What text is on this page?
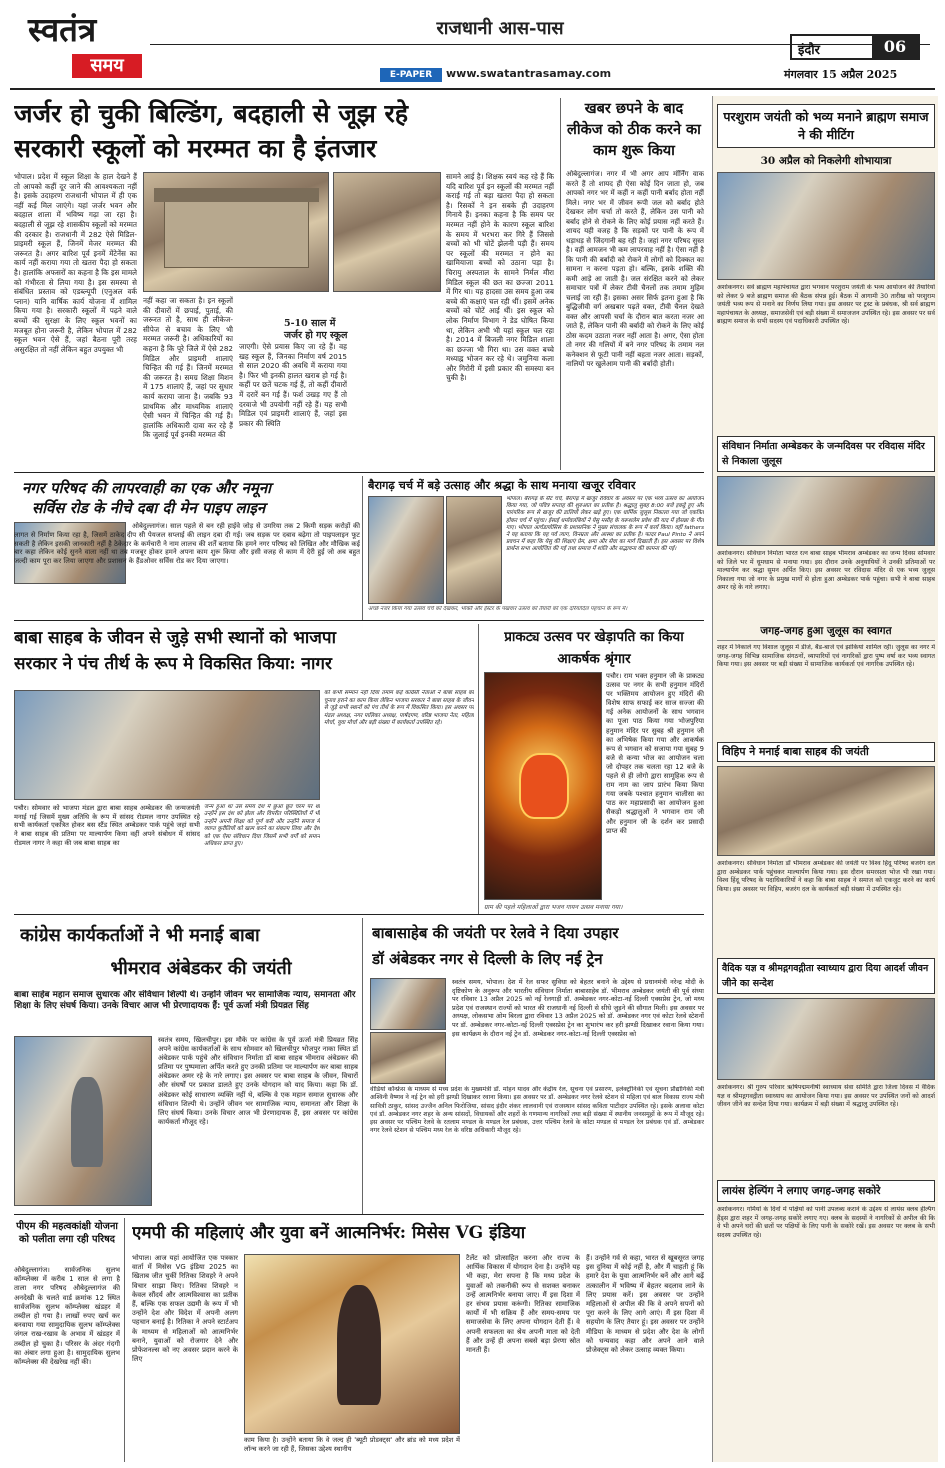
स्वतंत्र
समय
राजधानी आस-पास
E-PAPER	www.swatantrasamay.com
इंदौर	06
मंगलवार 15 अप्रैल 2025
जर्जर हो चुकी बिल्डिंग, बदहाली से जूझ रहे
सरकारी स्कूलों को मरम्मत का है इंतजार
भोपाल। प्रदेश में स्कूल शिक्षा के हाल देखने हैं तो आपको कहीं दूर जाने की आवश्यकता नहीं है। इसके उदाहरण राजधानी भोपाल में ही एक नहीं कई मिल जाएंगे। यहां जर्जर भवन और बदहाल शाला में भविष्य गढ़ा जा रहा है। बदहाली से जूझ रहे शासकीय स्कूलों को मरम्मत की दरकार है। राजधानी में 282 ऐसे मिडिल-प्राइमरी स्कूल हैं, जिनमें मेजर मरम्मत की जरूरत है। अगर बारिश पूर्व इनमें मेंटेनेंस का कार्य नहीं कराया गया तो खतरा पैदा हो सकता है। हालांकि अफसरों का कहना है कि इस मामले को गंभीरता से लिया गया है। इस समस्या से संबंधित प्रस्ताव को एडब्ल्यूपी (एनुअल वर्क प्लान) यानि वार्षिक कार्य योजना में शामिल किया गया है। सरकारी स्कूलों में पढ़ने वाले बच्चों की सुरक्षा के लिए स्कूल भवनों का मजबूत होना जरूरी है, लेकिन भोपाल में 282 स्कूल भवन ऐसे हैं, जहां बैठना पूरी तरह असुरक्षित तो नहीं लेकिन बहुत उपयुक्त भी
नहीं कहा जा सकता है। इन स्कूलों की दीवारों में छपाई, पुताई, की जरूरत तो है, साथ ही लीकेज-सीपेज से बचाव के लिए भी मरम्मत जरूरी है। अधिकारियों का कहना है कि पूरे जिले में ऐसे 282 मिडिल और प्राइमरी शालाएं चिन्हित की गई हैं। जिनमें मरम्मत की जरूरत है। समग्र शिक्षा मिशन में 175 शालाएं हैं, जहां पर सुधार कार्य कराया जाना है। जबकि 93 प्राथमिक और माध्यमिक शालाएं ऐसी भवन में चिन्हित की गई हैं। हालांकि अधिकारी दावा कर रहे हैं कि जुलाई पूर्व इनकी मरम्मत की
5-10 साल में जर्जर हो गए स्कूल
जाएगी। ऐसे प्रयास किए जा रहे हैं। वह खह स्कूल हैं, जिनका निर्माण वर्ष 2015 से साल 2020 की अवधि में कराया गया है। फिर भी इनकी हालत खराब हो गई है। कहीं पर छतें चटक गई हैं, तो कहीं दीवारों में दरारें बन गई हैं। फर्श उखड़ गए हैं तो दरवाजे भी उपयोगी नहीं रहे हैं। यह सभी मिडिल एवं प्राइमरी शालाएं हैं, जहां इस प्रकार की स्थिति
सामने आई है। शिक्षक स्वयं कह रहे हैं कि यदि बारिश पूर्व इन स्कूलों की मरम्मत नहीं कराई गई तो बड़ा खतरा पैदा हो सकता है। रिसकों ने इन सबके ही उदाहरण गिनाये हैं। इनका कहना है कि समय पर मरम्मत नहीं होने के कारण स्कूल बारिश के समय में भरभरा कर गिरे हैं जिससे बच्चों को भी चोटें झेलनी पड़ी हैं। समय पर स्कूलों की मरम्मत न होने का खामियाजा बच्चों को उठाना पड़ा है। चिरायु अस्पताल के सामने निर्मल मीरा मिडिल स्कूल की छत का छज्जा 2011 में गिर था। यह हादसा उस समय हुआ जब बच्चे की कक्षाएं चल रही थीं। इसमें अनेक बच्चों को चोटें आई थीं। इस स्कूल को लोक निर्माण विभाग ने डेड घोषित किया था, लेकिन अभी भी यहां स्कूल चल रहा है। 2014 में बिजली नगर मिडिल शाला का छज्जा भी गिरा था। उस वक्त बच्चे मध्याह्न भोजन कर रहे थे। जमुनिया कला और गिरोरी में इसी प्रकार की समस्या बन चुकी है।
खबर छपने के बाद लीकेज को ठीक करने का काम शुरू किया
ओबेदुल्लागंज। नगर में भी अगर आप मॉर्निंग वाक करते हैं तो शायद ही ऐसा कोई दिन जाता हो, जब आपको नगर भर में कहीं न कहीं पानी बर्बाद होता नहीं मिले। नगर भर में जीवन रूपी जल को बर्बाद होते देखकर लोग चर्चा तो करते हैं, लेकिन उस पानी को बर्बाद होने से रोकने के लिए कोई प्रयास नहीं करते हैं। शायद यही वजह है कि सड़कों पर पानी के रूप में धड़ाधड़ से जिंदगानी बह रही है। जहां नगर परिषद सुस्त है। वहीं आमजन भी कम लापरवाह नहीं है। ऐसा नहीं है कि पानी की बर्बादी को रोकने में लोगों को दिक्कत का सामना न करना पड़ता हो। बल्कि, इसके शक्ति की कमी आड़े आ जाती है। जल संरक्षित करने को लेकर समाचार पत्रों में लेकर टीवी चैनलों तक तमाम मुहिम चलाई जा रही हैं। इसका असर सिर्फ इतना हुआ है कि बुद्धिजीवी वर्ग अखबार पढ़ते वक्त, टीवी चैनल देखते वक्त और आपसी चर्चा के दौरान बात करता नजर आ जाते हैं, लेकिन पानी की बर्बादी को रोकने के लिए कोई ठोस कदम उठाता नजर नहीं आता है। अगर, ऐसा होता तो नगर की गलियों में बने नगर परिषद के तमाम नल कनेक्शन से फूटी पानी नहीं बहता नजर आता। सड़कों, नालियों पर खुलेआम पानी की बर्बादी होती।
नगर परिषद की लापरवाही का एक और नमूना
सर्विस रोड के नीचे दबा दी मेन पाइप लाइन
ओबेदुल्लागंज। साल पहले से बन रही हाईवे जोड़ से उमरिया तक 2 किमी सड़क करोड़ों की लागत से निर्माण किया रहा है, जिसमें ठाकेद दीप सी पेयजल सप्लाई की लाइन दबा दी गई। जब सड़क पर दबाव बढ़ेगा तो पाइपलाइन फूट सकती है लेकिन इसकी जानकारी नहीं है ठेकेदार के कर्मचारी ने नाम लालच की शर्तें बताया कि हमने नगर परिषद को लिखित और मौखिक कई बार कहा लेकिन कोई सुनने वाला नहीं था तब मजबूर होकर हमने अपना काम शुरू किया और इसी वजह से काम में देरी हुई जो अब बहुत जल्दी काम पूरा कर लिया जाएगा और प्रशासन के हैंडओवर सर्विस रोड कर दिया जाएगा।
बैरागढ़ चर्च में बड़े उत्साह और श्रद्धा के साथ मनाया खजूर रविवार
भोपाल। बैरागढ़ के सैंट चर्च, बैरागढ़ में खजूर रविवार के अवसर पर एक भव्य उत्सव का आयोजन किया गया, जो पवित्र सप्ताह की शुरुआत का प्रतीक है। श्रद्धालु सुबह 8:00 बजे इकट्ठे हुए और पारंपरिक रूप से खजूर की डालियों लेकर खड़े हुए। एक धार्मिक जुलूस निकाला गया जो एकत्रित होकर चर्च में पहुंचा। ईसाई धर्मावलंबियों ने येसु मसीह के यरूशलेम प्रवेश की याद में होसन्ना के गीत गाए। भोपाल आर्चडायोसिस के प्रशासनिक ने मुख्य संचालक के रूप में कार्य किया। वहीं fathers ने यह बताया कि यह पर्व त्याग, विनम्रता और आस्था का प्रतीक है। फादर Paul Pinto ने अपने प्रवचन में कहा कि येसु की शिक्षाएं प्रेम, क्षमा और सेवा का मार्ग दिखाती हैं। इस अवसर पर विशेष प्रार्थना सभा आयोजित की गई तथा समाज में शांति और सद्भावना की कामना की गई।
अच्छे नजर किया गया उत्सव चर्च को देखकर, भक्ति और ईस्टर के पखवार उत्सव को तैयारी को एक दरियादिल पहचान के रूप में।
बाबा साहब के जीवन से जुड़े सभी स्थानों को भाजपा
सरकार ने पंच तीर्थ के रूप मे विकसित किया: नागर
पचौर। सोमवार को भाजपा मंडल द्वारा बाबा साहब अम्बेडकर की जन्मजयंती मनाई गई जिसमें मुख्य अतिथि के रूप में सांसद रोडमल नागर उपस्थित रहे सभी कार्यकर्ता एकत्रित होकर बस स्टैंड स्थित अम्बेडकर पार्क पहुंचे जहां सभी ने बाबा साहब की प्रतिमा पर माल्यार्पण किया वहीं अपने संबोधन में सांसद रोडमल नागर ने कहा की जब बाबा साहब का
जन्म हुआ था उस समय देश में छुआ छूत चरम पर था उन्होंने इस दंश को झेला और विपरीत परिस्थितियों में भी उन्होंने अपनी शिक्षा को पूर्ण करी और उन्होंने समाज में व्याप्त कुरीतियों को खत्म करने का संकल्प लिया और देश को एक ऐसा संविधान दिया जिसमें सभी वर्गों को समान अधिकार प्राप्त हुए।
को कभी सम्मान नहीं दिया तमाम कई कांग्रेसी नेताओं ने बाबा साहब को चुनाव हराने का काम किया लेकिन भाजपा सरकार ने बाबा साहब के जीवन से जुड़े सभी स्थानों को पंच तीर्थ के रूप में विकसित किया। इस अवसर पर मंडल अध्यक्ष, नगर पालिका अध्यक्ष, पार्षदगण, वरिष्ठ भाजपा नेता, महिला मोर्चा, युवा मोर्चा और बड़ी संख्या में कार्यकर्ता उपस्थित रहे।
प्राकट्य उत्सव पर खेड़ापति का किया आकर्षक श्रृंगार
पचौर। राम भक्त हनुमान जी के प्राकट्य उत्सव पर नगर के सभी हनुमान मंदिरों पर भक्तिमय आयोजन हुए मंदिरों की विशेष साफ सफाई कर साज सज्जा की गई अनेक आयोजनों के साथ भगवान का पूजा पाठ किया गया भोजपुरिया हनुमान मंदिर पर सुबह श्री हनुमान जी का अभिषेक किया गया और आकर्षक रूप से भगवान को सजाया गया सुबह 9 बजे से कन्या भोज का आयोजन चला जो दोपहर तक चलता रहा 12 बजे के पहले से ही लोगो द्वारा सामूहिक रूप से राम नाम का जाप प्रारंभ किया किया गया जबके पश्चात हनुमान चालीसा का पाठ कर महाप्रसादी का आयोजन हुआ सैकड़ो श्रद्धालुओं ने भगवान राम जी और हनुमान जी के दर्शन कर प्रसादी प्राप्त की
ग्राम की पहले महिलाओं द्वारा भजन गायन उत्सव मनाया गया।
कांग्रेस कार्यकर्ताओं ने भी मनाई बाबा
भीमराव अंबेडकर की जयंती
बाबा साहेब महान समाज सुधारक और संविधान शिल्पी थे। उन्होंने जीवन भर सामाजिक न्याय, समानता और शिक्षा के लिए संघर्ष किया। उनके विचार आज भी प्रेरणादायक हैं: पूर्व ऊर्जा मंत्री प्रियव्रत सिंह
स्वतंत्र समय, खिलचीपुर। इस मौके पर कांग्रेस के पूर्व ऊर्जा मंत्री प्रियव्रत सिंह अपने कांग्रेस कार्यकर्ताओं के साथ सोमवार को खिलचीपुर भोजपुर नाका स्थित डॉ अंबेडकर पार्क पहुंचे और संविधान निर्माता डॉ बाबा साहब भीमराव अंबेडकर की प्रतिमा पर पुष्पमाला अर्पित करते हुए उनकी प्रतिमा पर माल्यार्पण कर बाबा साहब अंबेडकर अमर रहे के नारे लगाए। इस अवसर पर बाबा साहब के जीवन, विचारों और संघर्षों पर प्रकाश डालते हुए उनके योगदान को याद किया। कहा कि डॉ. अंबेडकर कोई साधारण व्यक्ति नहीं थे, बल्कि वे एक महान समाज सुधारक और संविधान शिल्पी थे। उन्होंने जीवन भर सामाजिक न्याय, समानता और शिक्षा के लिए संघर्ष किया। उनके विचार आज भी प्रेरणादायक हैं, इस अवसर पर कांग्रेस कार्यकर्ता मौजूद रहे।
बाबासाहेब की जयंती पर रेलवे ने दिया उपहार
डॉ अंबेडकर नगर से दिल्ली के लिए नई ट्रेन
स्वतंत्र समय, भोपाल। देश में रेल सफर सुविधा को बेहतर बनाने के उद्देश्य से प्रधानमंत्री नरेन्द्र मोदी के दृष्टिकोण के अनुरूप और भारतीय संविधान निर्माता बाबासाहेब डॉ. भीमराव अम्बेडकर जयंती की पूर्व संध्या पर रविवार 13 अप्रैल 2025 को नई रेलगाड़ी डॉ. अम्बेडकर नगर-कोटा-नई दिल्ली एक्सप्रेस ट्रेन, जो मध्य प्रदेश एवं राजस्थान राज्यों को भारत की राजधानी नई दिल्ली से सीधे जुड़ने की सौगात मिली। इस अवसर पर अध्यक्ष, लोकसभा ओम बिरला द्वारा रविवार 13 अप्रैल 2025 को डॉ. अम्बेडकर नगर एवं कोटा रेलवे स्टेशनों पर डॉ. अम्बेडकर नगर-कोटा-नई दिल्ली एक्सप्रेस ट्रेन का शुभारंभ कर हरी झण्डी दिखाकर रवाना किया गया। इस कार्यक्रम के दौरान नई ट्रेन डॉ. अम्बेडकर नगर-कोटा-नई दिल्ली एक्सप्रेस को
वीडियो कॉन्फ्रेंस के माध्यम से मध्य प्रदेश के मुख्यमंत्री डॉ. मोहन यादव और केंद्रीय रेल, सूचना एवं प्रसारण, इलेक्ट्रॉनिकी एवं सूचना प्रौद्योगिकी मंत्री अश्विनी वैष्णव ने नई ट्रेन को हरी झण्डी दिखाकर रवाना किया। इस अवसर पर डॉ. अम्बेडकर नगर रेलवे स्टेशन से महिला एवं बाल विकास राज्य मंत्री सावित्री ठाकुर, सांसद उज्जैन अनिल फिरोजिया, सांसद इंदौर शंकर लालवानी एवं राजस्थान सांसद कविता पाटीदार उपस्थित रहे। इसके अलावा कोटा एवं डॉ. अम्बेडकर नगर शहर के अन्य सांसदों, विधायकों और शहरों के गणमान्य नागरिकों तथा बड़ी संख्या में स्थानीय जनसमूहों के रूप में मौजूद रहे। इस अवसर पर पश्चिम रेलवे के रतलाम मण्डल के मण्डल रेल प्रबंधक, उत्तर पश्चिम रेलवे के कोटा मण्डल से मण्डल रेल प्रबंधक एवं डॉ. अम्बेडकर नगर रेलवे स्टेशन से पश्चिम मध्य रेल के वरिष्ठ अधिकारी मौजूद रहे।
पीएम की महत्वकांक्षी योजना को पलीता लगा रही परिषद
ओबेदुल्लागंज। सार्वजनिक सुलभ कॉम्प्लेक्स में करीब 1 साल से लगा है ताला नगर परिषद औबेदुल्लागंज की अनदेखी के चलते वार्ड क्रमांक 12 स्थित सार्वजनिक सुलभ कॉम्प्लेक्स खंडहर में तब्दील हो गया है। लाखों रुपए खर्च कर बनवाया गया सामुदायिक सुलभ कॉम्प्लेक्स जंगल राख-रखाव के अभाव में खंडहर में तब्दील हो चुका है। परिसर के अंदर गंदगी का अंबार लगा हुआ है। सामुदायिक सुलभ कॉम्प्लेक्स की देखरेख नहीं की।
एमपी की महिलाएं और युवा बनें आत्मनिर्भर: मिसेस VG इंडिया
भोपाल। आज यहां आयोजित एक पत्रकार वार्ता में मिसेस VG इंडिया 2025 का खिताब जीत चुकीं रितिका शिवहरे ने अपने विचार साझा किए। रितिका शिवहरे न केवल सौंदर्य और आत्मविश्वास का प्रतीक हैं, बल्कि एक सफल उद्यमी के रूप में भी उन्होंने देश और विदेश में अपनी अलग पहचान बनाई है। रितिका ने अपने स्टार्टअप के माध्यम से महिलाओं को आत्मनिर्भर बनाने, युवाओं को रोजगार देने और प्रोफेशनल्स को नए अवसर प्रदान करने के लिए
काम किया है। उन्होंने बताया कि वे जल्द ही 'ब्यूटी प्रोडक्ट्स' और ब्रांड को मध्य प्रदेश में लॉन्च करने जा रही हैं, जिसका उद्देश्य स्थानीय
टैलेंट को प्रोत्साहित करना और राज्य के आर्थिक विकास में योगदान देना है। उन्होंने यह भी कहा, मेरा सपना है कि मध्य प्रदेश के युवाओं को तकनीकी रूप से सशक्त बनाकर उन्हें आत्मनिर्भर बनाया जाए। मैं इस दिशा में हर संभव प्रयास करूंगी। रितिका सामाजिक कार्यों में भी सक्रिय हैं और समय-समय पर समाजसेवा के लिए अपना योगदान देती हैं। वे अपनी सफलता का श्रेय अपनी माता को देती हैं और उन्हें ही अपना सबसे बड़ा प्रेरणा स्रोत मानती हैं।
हैं। उन्होंने गर्व से कहा, भारत से खूबसूरत जगह इस दुनिया में कोई नहीं है, और मैं चाहती हूं कि हमारे देश के युवा आत्मनिर्भर बनें और आगे बढ़ें तत्कालीन में भविष्य में बेहतर बदलाव लाने के लिए प्रयास करें। इस अवसर पर उन्होंने महिलाओं से अपील की कि वे अपने सपनों को पूरा करने के लिए आगे आएं। मैं इस दिशा में सहयोग के लिए तैयार हूं। इस अवसर पर उन्होंने मीडिया के माध्यम से प्रदेश और देश के लोगों को धन्यवाद कहा और अपने आने वाले प्रोजेक्ट्स को लेकर उत्साह व्यक्त किया।
परशुराम जयंती को भव्य मनाने ब्राह्मण समाज ने की मीटिंग
30 अप्रैल को निकलेगी शोभायात्रा
अशोकनगर। सर्व ब्राह्मण महापंचायत द्वारा भगवान परशुराम जयंती के भव्य आयोजन की तैयारियों को लेकर 9 बजे ब्राह्मण समाज की बैठक संपन्न हुई। बैठक में आगामी 30 तारीख को परशुराम जयंती भव्य रूप से मनाने का निर्णय लिया गया। इस अवसर पर ट्रस्ट के प्रबंधक, श्री सर्व ब्राह्मण महापंचायत के अध्यक्ष, समाजसेवी एवं बड़ी संख्या में समाजजन उपस्थित रहे। इस अवसर पर सर्व ब्राह्मण समाज के सभी सदस्य एवं पदाधिकारी उपस्थित रहे।
संविधान निर्माता अम्बेडकर के जन्मदिवस पर रविदास मंदिर से निकाला जुलूस
अशोकनगर। संविधान निर्माता भारत रत्न बाबा साहब भीमराव अम्बेडकर का जन्म दिवस सोमवार को जिले भर में धूमधाम से मनाया गया। इस दौरान उनके अनुयायियों ने उनकी प्रतिमाओं पर माल्यार्पण कर श्रद्धा सुमन अर्पित किए। इस अवसर पर रविदास मंदिर से एक भव्य जुलूस निकाला गया जो नगर के प्रमुख मार्गों से होता हुआ अम्बेडकर पार्क पहुंचा। सभी ने बाबा साहब अमर रहे के नारे लगाए।
जगह-जगह हुआ जुलूस का स्वागत
शहर में निकाले गए विशाल जुलूस में डीजे, बैंड-बाजे एवं झांकियां शामिल रहीं। जुलूस का नगर में जगह-जगह विभिन्न सामाजिक संगठनों, व्यापारियों एवं नागरिकों द्वारा पुष्प वर्षा कर भव्य स्वागत किया गया। इस अवसर पर बड़ी संख्या में सामाजिक कार्यकर्ता एवं नागरिक उपस्थित रहे।
विहिप ने मनाई बाबा साहब की जयंती
अशोकनगर। संविधान निर्माता डॉ भीमराव अम्बेडकर की जयंती पर विश्व हिंदू परिषद बजरंग दल द्वारा अम्बेडकर पार्क पहुंचकर माल्यार्पण किया गया। इस दौरान समरसता भोज भी रखा गया। विश्व हिंदू परिषद के पदाधिकारियों ने कहा कि बाबा साहब ने समाज को एकजुट करने का कार्य किया। इस अवसर पर विहिप, बजरंग दल के कार्यकर्ता बड़ी संख्या में उपस्थित रहे।
वैदिक यज्ञ व श्रीमद्गगवद्गीता स्वाध्याय द्वारा दिया आदर्श जीवन जीने का सन्देश
अशोकनगर। श्री गुरुप परिवार ऋषिपद्ममनीषी स्वाध्याय सेवा समिति द्वारा जिला दिवस में वैदिक यज्ञ व श्रीमद्गगवद्गीता स्वाध्याय का आयोजन किया गया। इस अवसर पर उपस्थित जनों को आदर्श जीवन जीने का सन्देश दिया गया। कार्यक्रम में बड़ी संख्या में श्रद्धालु उपस्थित रहे।
लायंस हेल्पिंग ने लगाए जगह-जगह सकोरे
अशोकनगर। गर्मियों के दिनों में पक्षियों को पानी उपलब्ध कराने के उद्देश्य से लायंस क्लब हेल्पिंग हैंड्स द्वारा शहर में जगह-जगह सकोरे लगाए गए। क्लब के सदस्यों ने नागरिकों से अपील की कि वे भी अपने घरों की छतों पर पक्षियों के लिए पानी के सकोरे रखें। इस अवसर पर क्लब के सभी सदस्य उपस्थित रहे।
